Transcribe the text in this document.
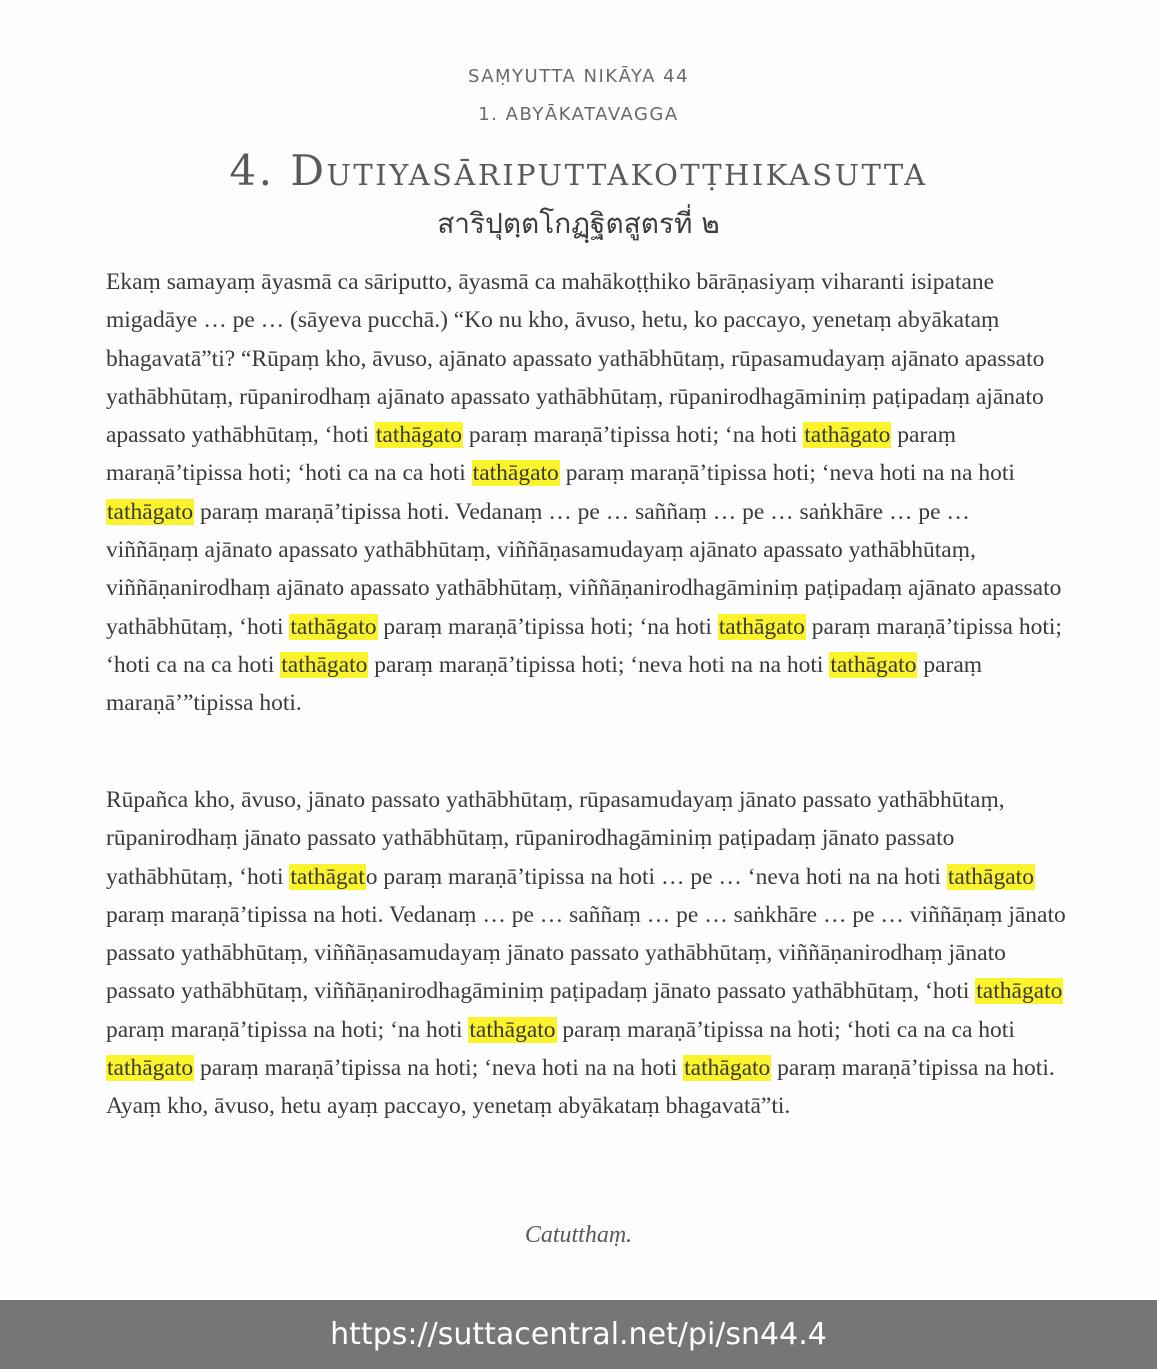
SAṂYUTTA NIKĀYA 44
1. ABYĀKATAVAGGA
4. Dutiyasāriputtakotṭhikasutta
สาริปุตฺตโกฏฺฐิตสูตรที่ ๒

Ekaṃ samayaṃ āyasmā ca sāriputto, āyasmā ca mahākoṭṭhiko bārāṇasiyaṃ viharanti isipatane migadāye … pe … (sāyeva pucchā.) “Ko nu kho, āvuso, hetu, ko paccayo, yenetaṃ abyākataṃ bhagavatā”ti? “Rūpaṃ kho, āvuso, ajānato apassato yathābhūtaṃ, rūpasamudayaṃ ajānato apassato yathābhūtaṃ, rūpanirodhaṃ ajānato apassato yathābhūtaṃ, rūpanirodhagāminiṃ paṭipadaṃ ajānato apassato yathābhūtaṃ, ‘hoti tathāgato paraṃ maraṇā’tipissa hoti; ‘na hoti tathāgato paraṃ maraṇā’tipissa hoti; ‘hoti ca na ca hoti tathāgato paraṃ maraṇā’tipissa hoti; ‘neva hoti na na hoti tathāgato paraṃ maraṇā’tipissa hoti. Vedanaṃ … pe … saññaṃ … pe … saṅkhāre … pe … viññāṇaṃ ajānato apassato yathābhūtaṃ, viññāṇasamudayaṃ ajānato apassato yathābhūtaṃ, viññāṇanirodhaṃ ajānato apassato yathābhūtaṃ, viññāṇanirodhagāminiṃ paṭipadaṃ ajānato apassato yathābhūtaṃ, ‘hoti tathāgato paraṃ maraṇā’tipissa hoti; ‘na hoti tathāgato paraṃ maraṇā’tipissa hoti; ‘hoti ca na ca hoti tathāgato paraṃ maraṇā’tipissa hoti; ‘neva hoti na na hoti tathāgato paraṃ maraṇā’”tipissa hoti.

Rūpañca kho, āvuso, jānato passato yathābhūtaṃ, rūpasamudayaṃ jānato passato yathābhūtaṃ, rūpanirodhaṃ jānato passato yathābhūtaṃ, rūpanirodhagāminiṃ paṭipadaṃ jānato passato yathābhūtaṃ, ‘hoti tathāgato paraṃ maraṇā’tipissa na hoti … pe … ‘neva hoti na na hoti tathāgato paraṃ maraṇā’tipissa na hoti. Vedanaṃ … pe … saññaṃ … pe … saṅkhāre … pe … viññāṇaṃ jānato passato yathābhūtaṃ, viññāṇasamudayaṃ jānato passato yathābhūtaṃ, viññāṇanirodhaṃ jānato passato yathābhūtaṃ, viññāṇanirodhagāminiṃ paṭipadaṃ jānato passato yathābhūtaṃ, ‘hoti tathāgato paraṃ maraṇā’tipissa na hoti; ‘na hoti tathāgato paraṃ maraṇā’tipissa na hoti; ‘hoti ca na ca hoti tathāgato paraṃ maraṇā’tipissa na hoti; ‘neva hoti na na hoti tathāgato paraṃ maraṇā’tipissa na hoti. Ayaṃ kho, āvuso, hetu ayaṃ paccayo, yenetaṃ abyākataṃ bhagavatā”ti.

Catutthaṃ.
https://suttacentral.net/pi/sn44.4
